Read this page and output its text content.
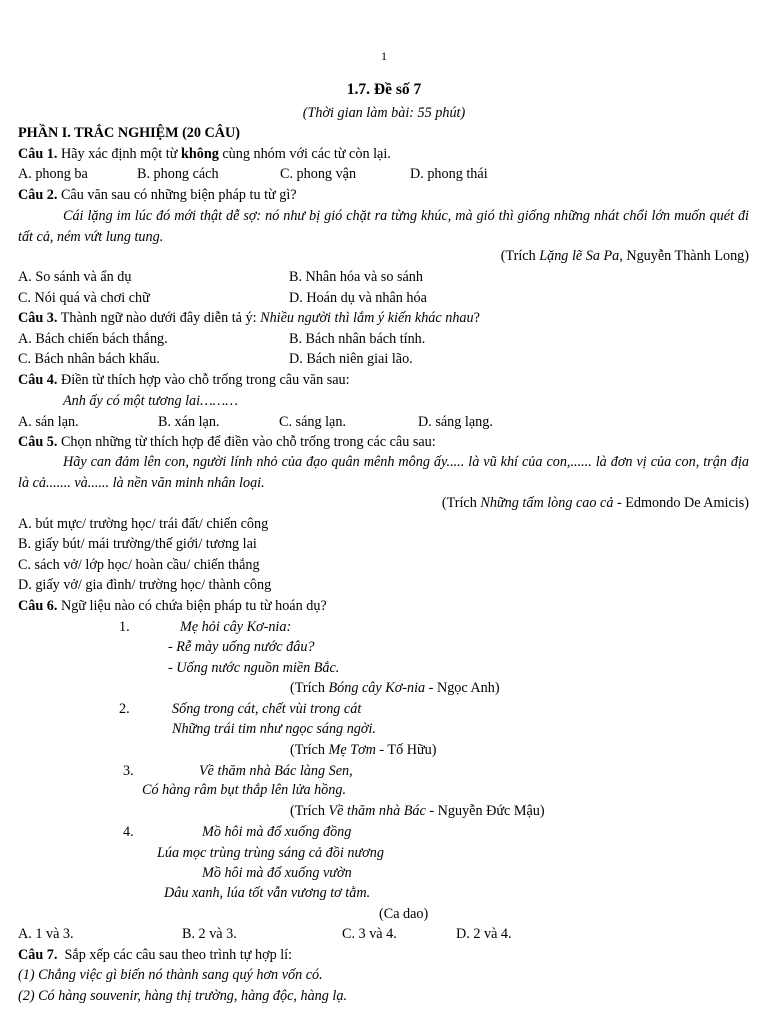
1
1.7. Đề số 7
(Thời gian làm bài: 55 phút)
PHẦN I. TRẮC NGHIỆM (20 CÂU)
Câu 1. Hãy xác định một từ không cùng nhóm với các từ còn lại.
A. phong ba	B. phong cách	C. phong vận	D. phong thái
Câu 2. Câu văn sau có những biện pháp tu từ gì?
Cái lặng im lúc đó mới thật dễ sợ: nó như bị gió chặt ra từng khúc, mà gió thì giống những nhát chổi lớn muốn quét đi tất cả, ném vứt lung tung.
(Trích Lặng lẽ Sa Pa, Nguyễn Thành Long)
A. So sánh và ẩn dụ	B. Nhân hóa và so sánh
C. Nói quá và chơi chữ	D. Hoán dụ và nhân hóa
Câu 3. Thành ngữ nào dưới đây diễn tả ý: Nhiều người thì lắm ý kiến khác nhau?
A. Bách chiến bách thắng.	B. Bách nhân bách tính.
C. Bách nhân bách khẩu.	D. Bách niên giai lão.
Câu 4. Điền từ thích hợp vào chỗ trống trong câu văn sau:
Anh ấy có một tương lai………
A. sán lạn.	B. xán lạn.	C. sáng lạn.	D. sáng lạng.
Câu 5. Chọn những từ thích hợp để điền vào chỗ trống trong các câu sau:
Hãy can đảm lên con, người lính nhỏ của đạo quân mênh mông ấy..... là vũ khí của con,...... là đơn vị của con, trận địa là cả....... và...... là nền văn minh nhân loại.
(Trích Những tấm lòng cao cả - Edmondo De Amicis)
A. bút mực/ trường học/ trái đất/ chiến công
B. giấy bút/ mái trường/thế giới/ tương lai
C. sách vở/ lớp học/ hoàn cầu/ chiến thắng
D. giấy vở/ gia đình/ trường học/ thành công
Câu 6. Ngữ liệu nào có chứa biện pháp tu từ hoán dụ?
1.	Mẹ hỏi cây Kơ-nia:
- Rễ mày uống nước đâu?
- Uống nước nguồn miền Bắc.
(Trích Bóng cây Kơ-nia - Ngọc Anh)
2.	Sống trong cát, chết vùi trong cát
Những trái tim như ngọc sáng ngời.
(Trích Mẹ Tơm - Tố Hữu)
3.	Về thăm nhà Bác làng Sen,
Có hàng râm bụt thắp lên lửa hồng.
(Trích Về thăm nhà Bác - Nguyễn Đức Mậu)
4.	Mồ hôi mà đổ xuống đồng
Lúa mọc trùng trùng sáng cả đồi nương
Mồ hôi mà đổ xuống vườn
Dâu xanh, lúa tốt vẫn vương tơ tằm.
(Ca dao)
A. 1 và 3.	B. 2 và 3.	C. 3 và 4.	D. 2 và 4.
Câu 7.  Sắp xếp các câu sau theo trình tự hợp lí:
(1) Chẳng việc gì biến nó thành sang quý hơn vốn có.
(2) Có hàng souvenir, hàng thị trường, hàng độc, hàng lạ.
